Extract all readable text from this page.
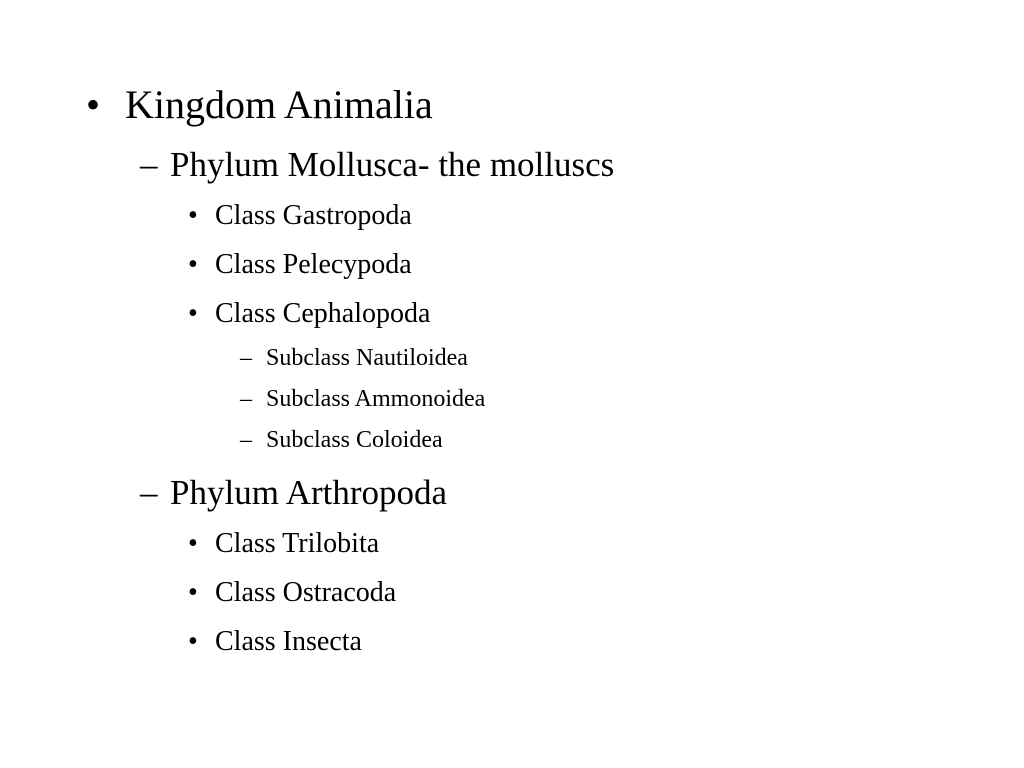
• Kingdom Animalia
– Phylum Mollusca- the molluscs
• Class Gastropoda
• Class Pelecypoda
• Class Cephalopoda
– Subclass Nautiloidea
– Subclass Ammonoidea
– Subclass Coloidea
– Phylum Arthropoda
• Class Trilobita
• Class Ostracoda
• Class Insecta
